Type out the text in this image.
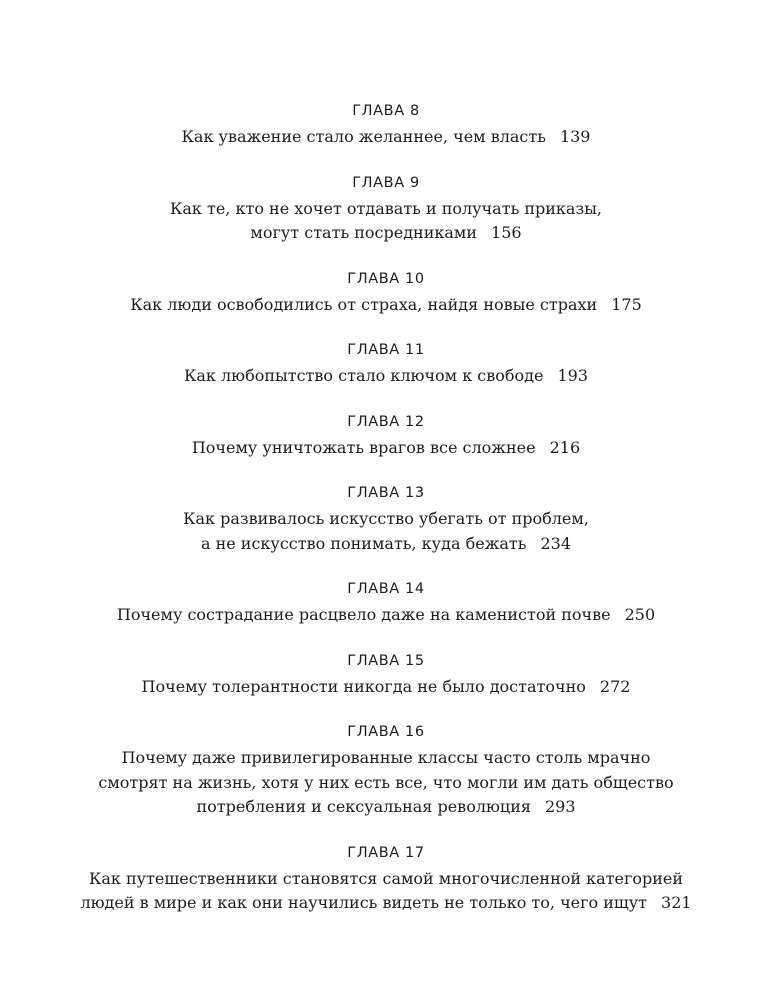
ГЛАВА 8
Как уважение стало желаннее, чем власть 139
ГЛАВА 9
Как те, кто не хочет отдавать и получать приказы,
могут стать посредниками 156
ГЛАВА 10
Как люди освободились от страха, найдя новые страхи 175
ГЛАВА 11
Как любопытство стало ключом к свободе 193
ГЛАВА 12
Почему уничтожать врагов все сложнее 216
ГЛАВА 13
Как развивалось искусство убегать от проблем,
а не искусство понимать, куда бежать 234
ГЛАВА 14
Почему сострадание расцвело даже на каменистой почве 250
ГЛАВА 15
Почему толерантности никогда не было достаточно 272
ГЛАВА 16
Почему даже привилегированные классы часто столь мрачно
смотрят на жизнь, хотя у них есть все, что могли им дать общество
потребления и сексуальная революция 293
ГЛАВА 17
Как путешественники становятся самой многочисленной категорией
людей в мире и как они научились видеть не только то, чего ищут 321
